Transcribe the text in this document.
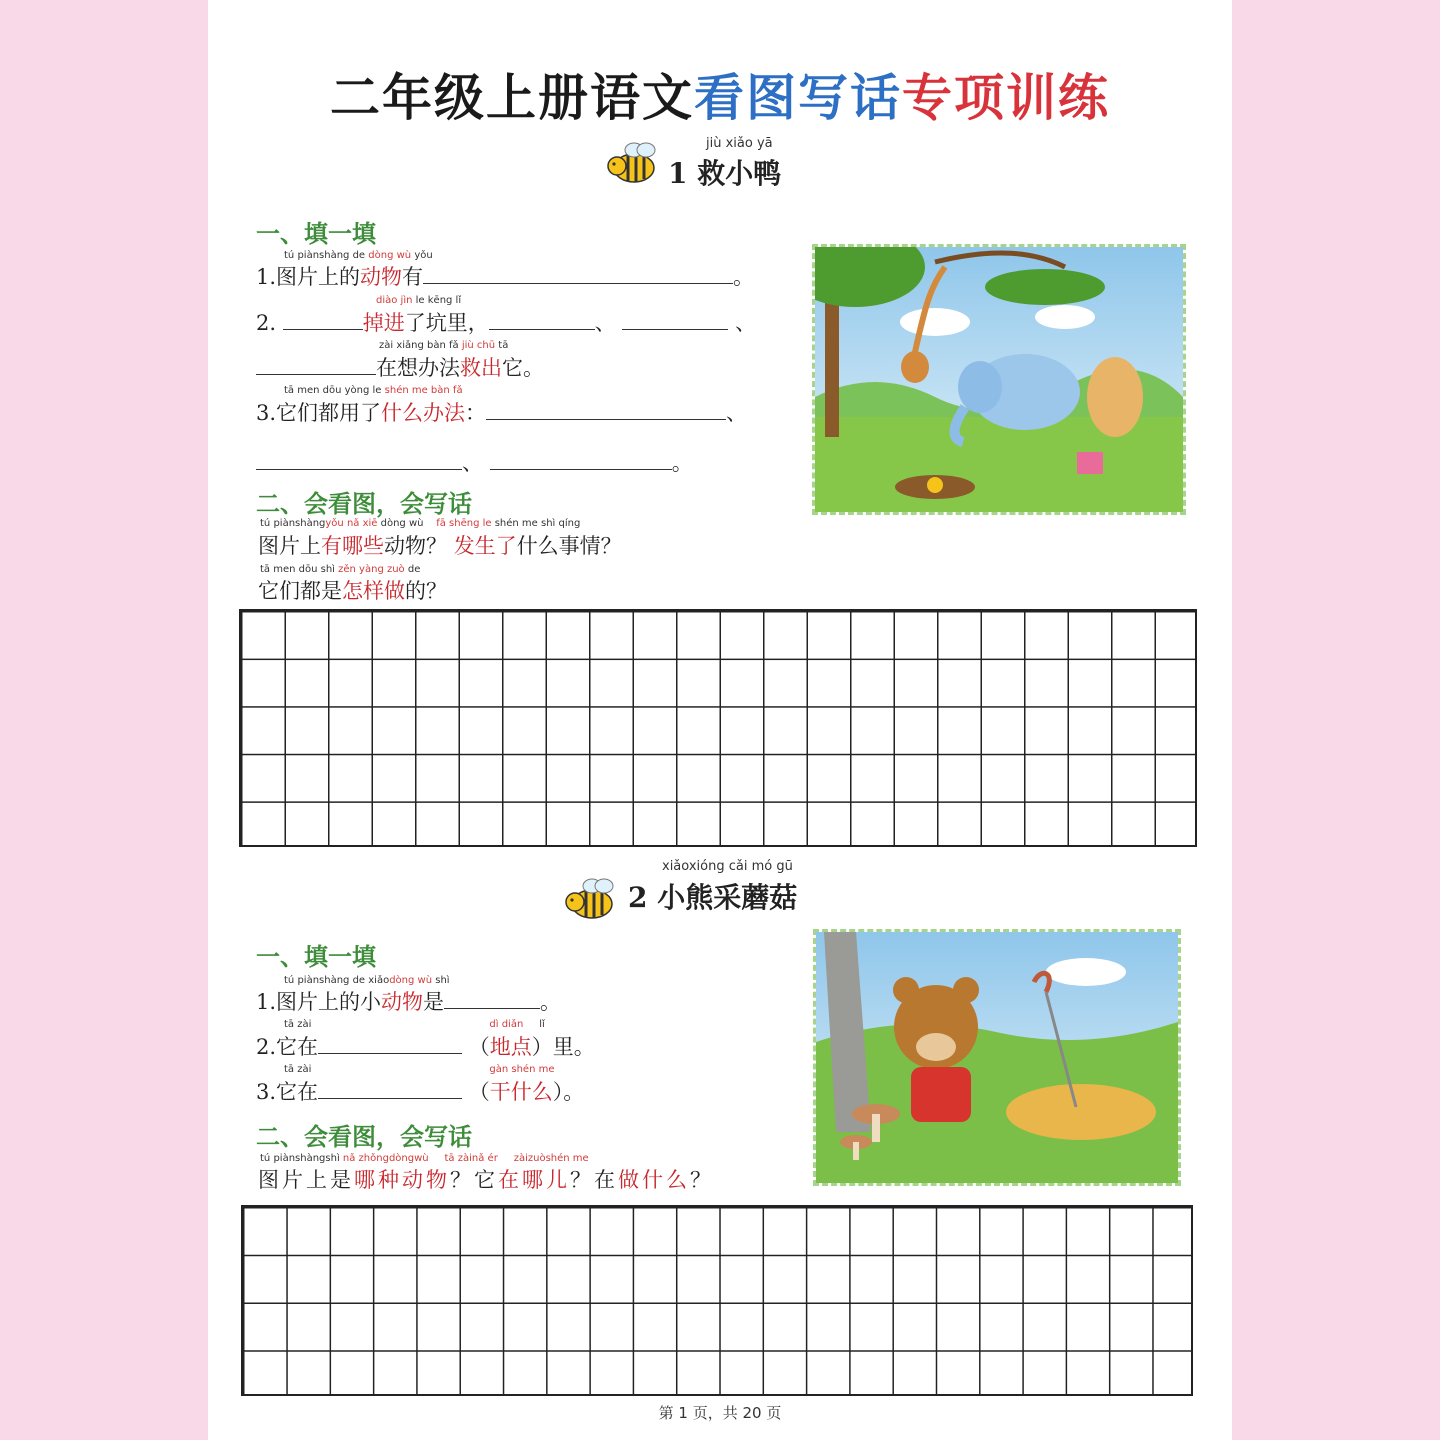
二年级上册语文看图写话专项训练
jiù xiǎo yā
1 救小鸭
一、填一填
tú piànshàng de dòng wù yǒu
1.图片上的动物有	。
diào jìn le kēng lǐ
2.	掉进了坑里，	、	、
zài xiǎng bàn fǎ jiù chū tā
在想办法救出它。
tā men dōu yòng le shén me bàn fǎ
3.它们都用了什么办法：	、
、	。
二、会看图，会写话
tú piànshàngyǒu nǎ xiē dòng wù fā shēng le shén me shì qíng
图片上有哪些动物？ 发生了什么事情？
tā men dōu shì zěn yàng zuò de
它们都是怎样做的？
xiǎoxióng cǎi mó gū
2 小熊采蘑菇
一、填一填
tú piànshàng de xiǎodòng wù shì
1.图片上的小动物是	。
tā zài	dì diǎn lǐ
2.它在	（地点）里。
tā zài	gàn shén me
3.它在	（干什么）。
二、会看图，会写话
tú piànshàngshì nǎ zhǒngdòngwù tā zàinǎ ér zàizuòshén me
图片上是哪种动物？它在哪儿？在做什么？
第 1 页，共 20 页
